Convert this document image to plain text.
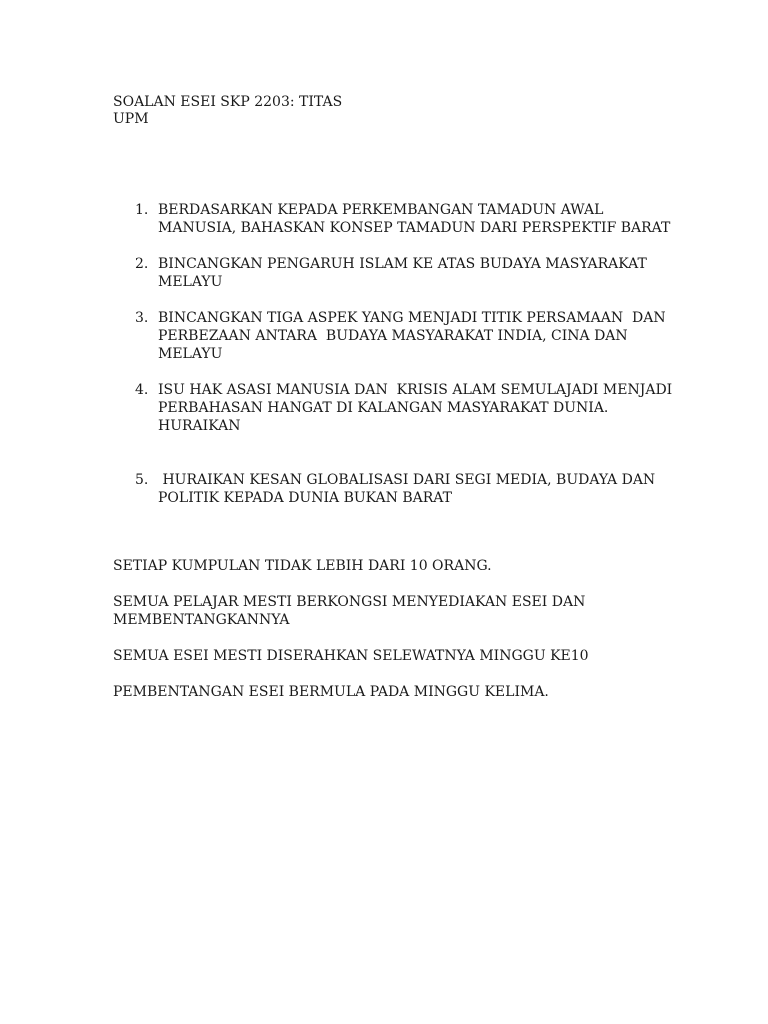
SOALAN ESEI SKP 2203: TITAS
UPM
1. BERDASARKAN KEPADA PERKEMBANGAN TAMADUN AWAL
MANUSIA, BAHASKAN KONSEP TAMADUN DARI PERSPEKTIF BARAT
2. BINCANGKAN PENGARUH ISLAM KE ATAS BUDAYA MASYARAKAT
MELAYU
3. BINCANGKAN TIGA ASPEK YANG MENJADI TITIK PERSAMAAN  DAN
PERBEZAAN ANTARA  BUDAYA MASYARAKAT INDIA, CINA DAN
MELAYU
4. ISU HAK ASASI MANUSIA DAN  KRISIS ALAM SEMULAJADI MENJADI
PERBAHASAN HANGAT DI KALANGAN MASYARAKAT DUNIA.
HURAIKAN
5. HURAIKAN KESAN GLOBALISASI DARI SEGI MEDIA, BUDAYA DAN
POLITIK KEPADA DUNIA BUKAN BARAT

SETIAP KUMPULAN TIDAK LEBIH DARI 10 ORANG.

SEMUA PELAJAR MESTI BERKONGSI MENYEDIAKAN ESEI DAN
MEMBENTANGKANNYA

SEMUA ESEI MESTI DISERAHKAN SELEWATNYA MINGGU KE10

PEMBENTANGAN ESEI BERMULA PADA MINGGU KELIMA.
